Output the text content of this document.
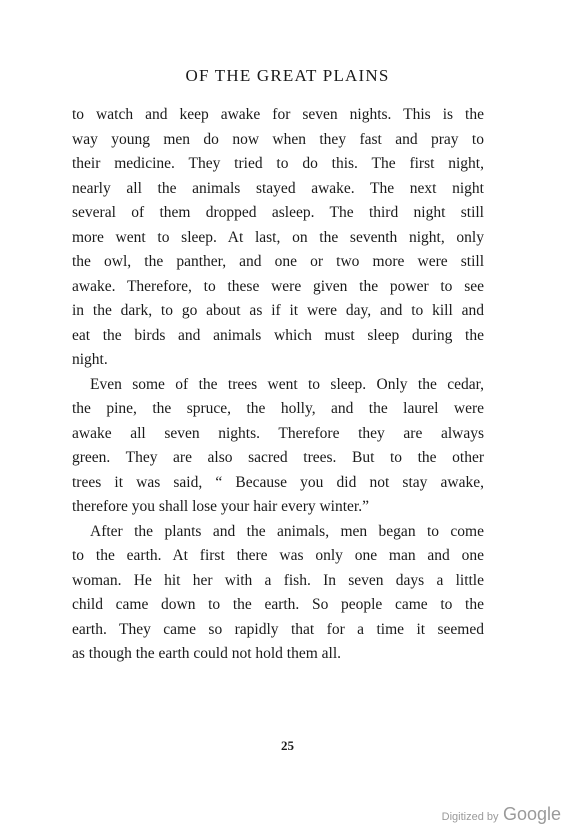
OF THE GREAT PLAINS
to watch and keep awake for seven nights. This is the
way young men do now when they fast and pray to
their medicine. They tried to do this. The first night,
nearly all the animals stayed awake. The next night
several of them dropped asleep. The third night still
more went to sleep. At last, on the seventh night, only
the owl, the panther, and one or two more were still
awake. Therefore, to these were given the power to see
in the dark, to go about as if it were day, and to kill and
eat the birds and animals which must sleep during the
night.
Even some of the trees went to sleep. Only the cedar,
the pine, the spruce, the holly, and the laurel were
awake all seven nights. Therefore they are always
green. They are also sacred trees. But to the other
trees it was said, “ Because you did not stay awake,
therefore you shall lose your hair every winter.”
After the plants and the animals, men began to come
to the earth. At first there was only one man and one
woman. He hit her with a fish. In seven days a little
child came down to the earth. So people came to the
earth. They came so rapidly that for a time it seemed
as though the earth could not hold them all.
25
Digitized by Google
